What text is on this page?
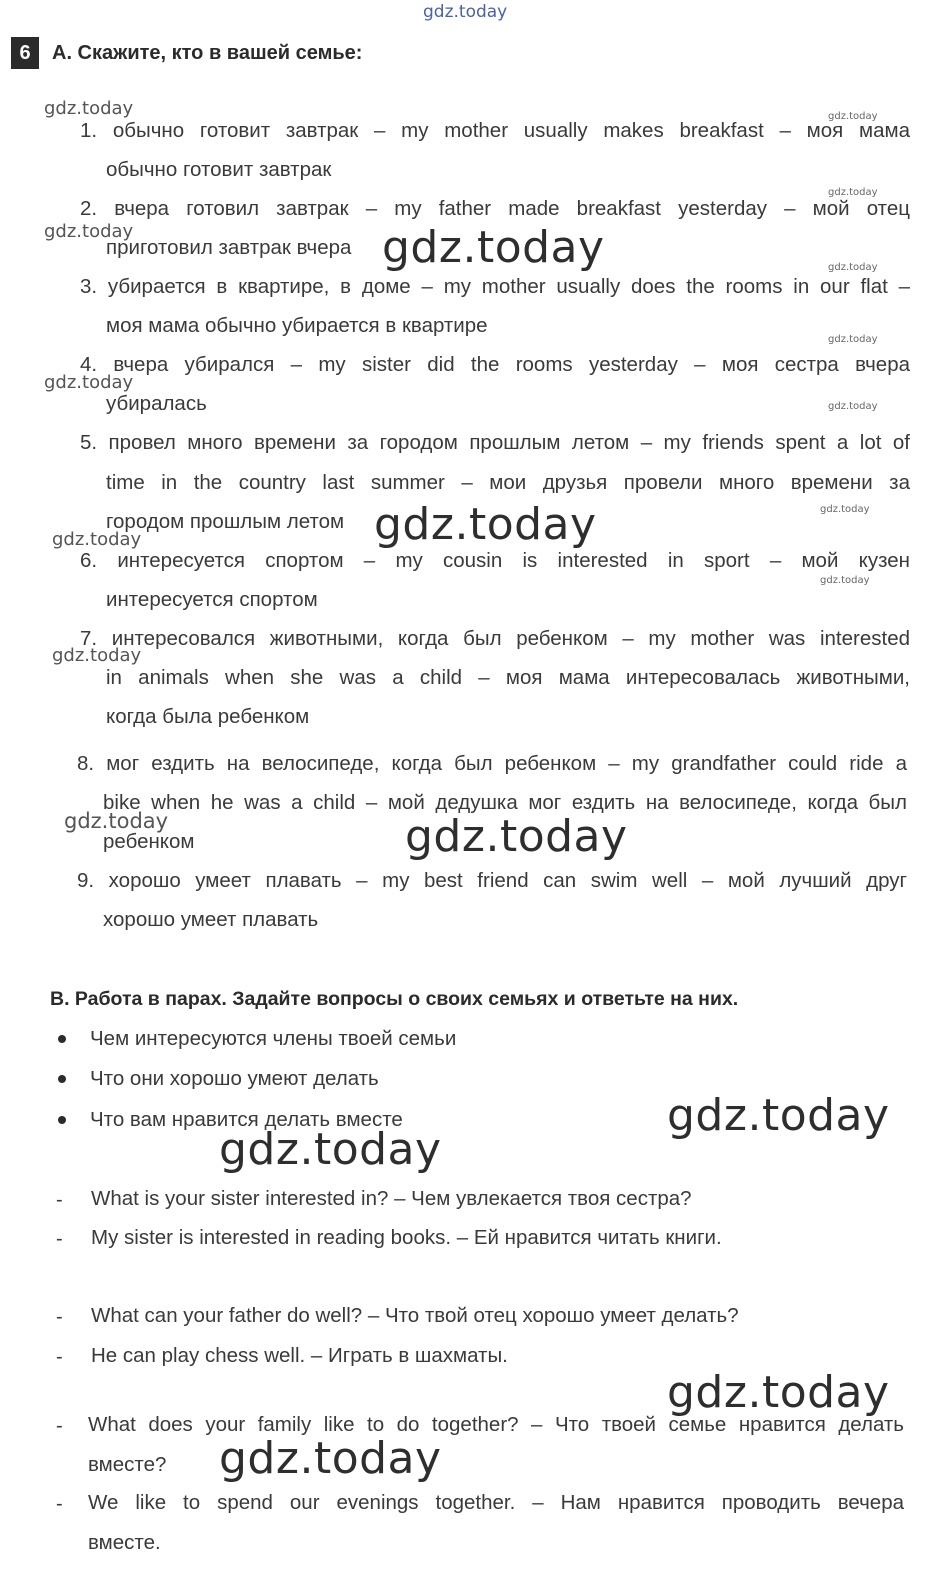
gdz.today
6	A. Скажите, кто в вашей семье:
1. обычно готовит завтрак – my mother usually makes breakfast – моя мама
обычно готовит завтрак
2. вчера готовил завтрак – my father made breakfast yesterday – мой отец
приготовил завтрак вчера
3. убирается в квартире, в доме – my mother usually does the rooms in our flat –
моя мама обычно убирается в квартире
4. вчера убирался – my sister did the rooms yesterday – моя сестра вчера
убиралась
5. провел много времени за городом прошлым летом – my friends spent a lot of
time in the country last summer – мои друзья провели много времени за
городом прошлым летом
6. интересуется спортом – my cousin is interested in sport – мой кузен
интересуется спортом
7. интересовался животными, когда был ребенком – my mother was interested
in animals when she was a child – моя мама интересовалась животными,
когда была ребенком
8. мог ездить на велосипеде, когда был ребенком – my grandfather could ride a
bike when he was a child – мой дедушка мог ездить на велосипеде, когда был
ребенком
9. хорошо умеет плавать – my best friend can swim well – мой лучший друг
хорошо умеет плавать
B. Работа в парах. Задайте вопросы о своих семьях и ответьте на них.
Чем интересуются члены твоей семьи
Что они хорошо умеют делать
Что вам нравится делать вместе
- What is your sister interested in? – Чем увлекается твоя сестра?
- My sister is interested in reading books. – Ей нравится читать книги.
- What can your father do well? – Что твой отец хорошо умеет делать?
- He can play chess well. – Играть в шахматы.
- What does your family like to do together? – Что твоей семье нравится делать
вместе?
- We like to spend our evenings together. – Нам нравится проводить вечера
вместе.
gdz.today
gdz.today
gdz.today
gdz.today
gdz.today
gdz.today
gdz.today
gdz.today
gdz.today
gdz.today
gdz.today
gdz.today
gdz.today
gdz.today
gdz.today
gdz.today
gdz.today
gdz.today
gdz.today
gdz.today
